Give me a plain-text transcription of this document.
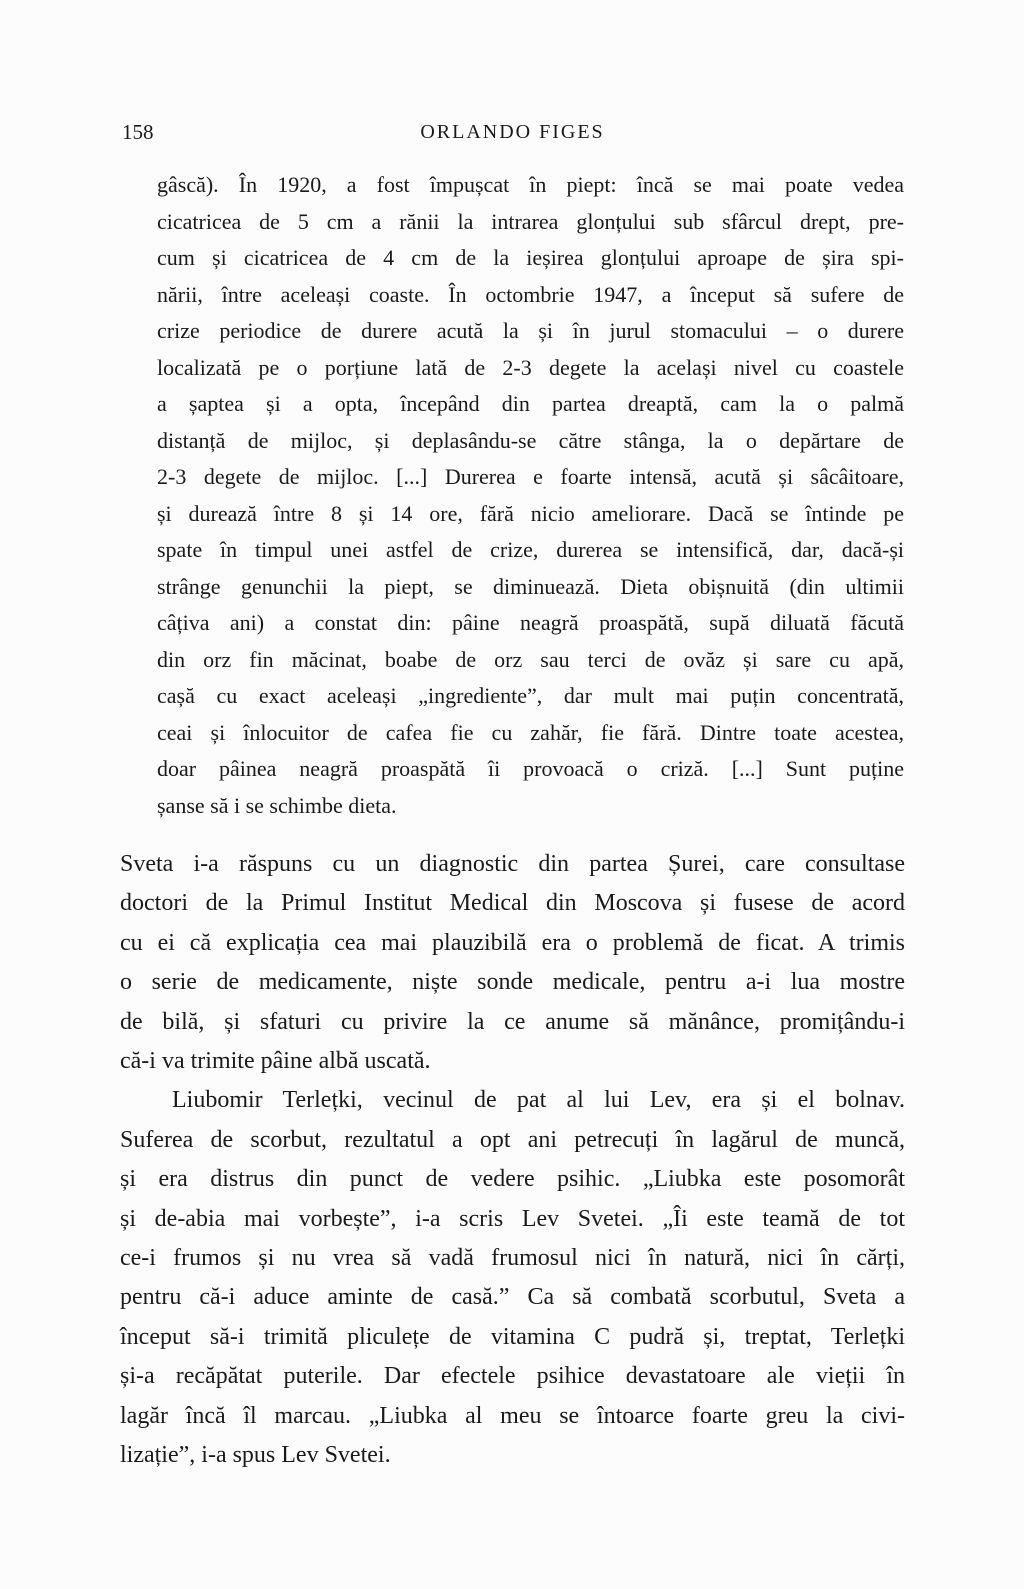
158	ORLANDO FIGES
gâscă). În 1920, a fost împușcat în piept: încă se mai poate vedea
cicatricea de 5 cm a rănii la intrarea glonțului sub sfârcul drept, pre-
cum și cicatricea de 4 cm de la ieșirea glonțului aproape de șira spi-
nării, între aceleași coaste. În octombrie 1947, a început să sufere de
crize periodice de durere acută la și în jurul stomacului – o durere
localizată pe o porțiune lată de 2-3 degete la același nivel cu coastele
a șaptea și a opta, începând din partea dreaptă, cam la o palmă
distanță de mijloc, și deplasându-se către stânga, la o depărtare de
2-3 degete de mijloc. [...] Durerea e foarte intensă, acută și sâcâitoare,
și durează între 8 și 14 ore, fără nicio ameliorare. Dacă se întinde pe
spate în timpul unei astfel de crize, durerea se intensifică, dar, dacă-și
strânge genunchii la piept, se diminuează. Dieta obișnuită (din ultimii
câțiva ani) a constat din: pâine neagră proaspătă, supă diluată făcută
din orz fin măcinat, boabe de orz sau terci de ovăz și sare cu apă,
cașă cu exact aceleași „ingrediente”, dar mult mai puțin concentrată,
ceai și înlocuitor de cafea fie cu zahăr, fie fără. Dintre toate acestea,
doar pâinea neagră proaspătă îi provoacă o criză. [...] Sunt puține
șanse să i se schimbe dieta.
Sveta i-a răspuns cu un diagnostic din partea Șurei, care consultase
doctori de la Primul Institut Medical din Moscova și fusese de acord
cu ei că explicația cea mai plauzibilă era o problemă de ficat. A trimis
o serie de medicamente, niște sonde medicale, pentru a-i lua mostre
de bilă, și sfaturi cu privire la ce anume să mănânce, promițându-i
că-i va trimite pâine albă uscată.
Liubomir Terlețki, vecinul de pat al lui Lev, era și el bolnav.
Suferea de scorbut, rezultatul a opt ani petrecuți în lagărul de muncă,
și era distrus din punct de vedere psihic. „Liubka este posomorât
și de-abia mai vorbește”, i-a scris Lev Svetei. „Îi este teamă de tot
ce-i frumos și nu vrea să vadă frumosul nici în natură, nici în cărți,
pentru că-i aduce aminte de casă.” Ca să combată scorbutul, Sveta a
început să-i trimită pliculețe de vitamina C pudră și, treptat, Terlețki
și-a recăpătat puterile. Dar efectele psihice devastatoare ale vieții în
lagăr încă îl marcau. „Liubka al meu se întoarce foarte greu la civi-
lizație”, i-a spus Lev Svetei.
